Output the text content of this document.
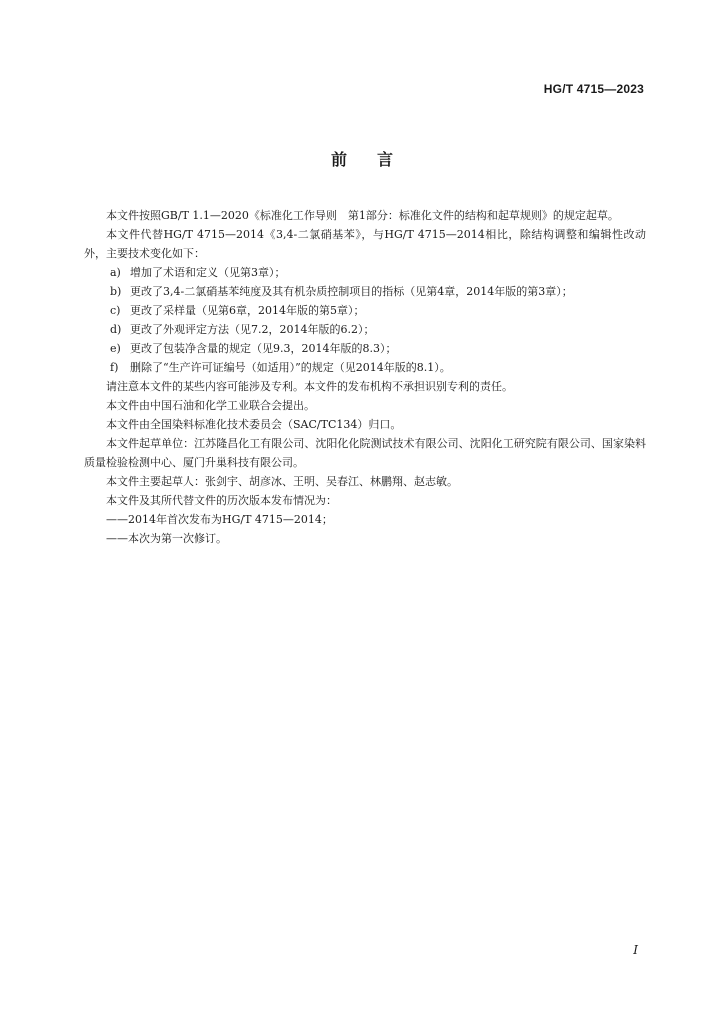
HG/T 4715—2023
前言
本文件按照GB/T 1.1—2020《标准化工作导则　第1部分：标准化文件的结构和起草规则》的规定起草。
本文件代替HG/T 4715—2014《3,4-二氯硝基苯》，与HG/T 4715—2014相比，除结构调整和编辑性改动外，主要技术变化如下：
a) 增加了术语和定义（见第3章）；
b) 更改了3,4-二氯硝基苯纯度及其有机杂质控制项目的指标（见第4章，2014年版的第3章）；
c) 更改了采样量（见第6章，2014年版的第5章）；
d) 更改了外观评定方法（见7.2，2014年版的6.2）；
e) 更改了包装净含量的规定（见9.3，2014年版的8.3）；
f) 删除了“生产许可证编号（如适用）”的规定（见2014年版的8.1）。
请注意本文件的某些内容可能涉及专利。本文件的发布机构不承担识别专利的责任。
本文件由中国石油和化学工业联合会提出。
本文件由全国染料标准化技术委员会（SAC/TC134）归口。
本文件起草单位：江苏隆昌化工有限公司、沈阳化化院测试技术有限公司、沈阳化工研究院有限公司、国家染料质量检验检测中心、厦门升巢科技有限公司。
本文件主要起草人：张剑宇、胡彦冰、王明、吴春江、林鹏翔、赵志敏。
本文件及其所代替文件的历次版本发布情况为：
——2014年首次发布为HG/T 4715—2014；
——本次为第一次修订。
I
